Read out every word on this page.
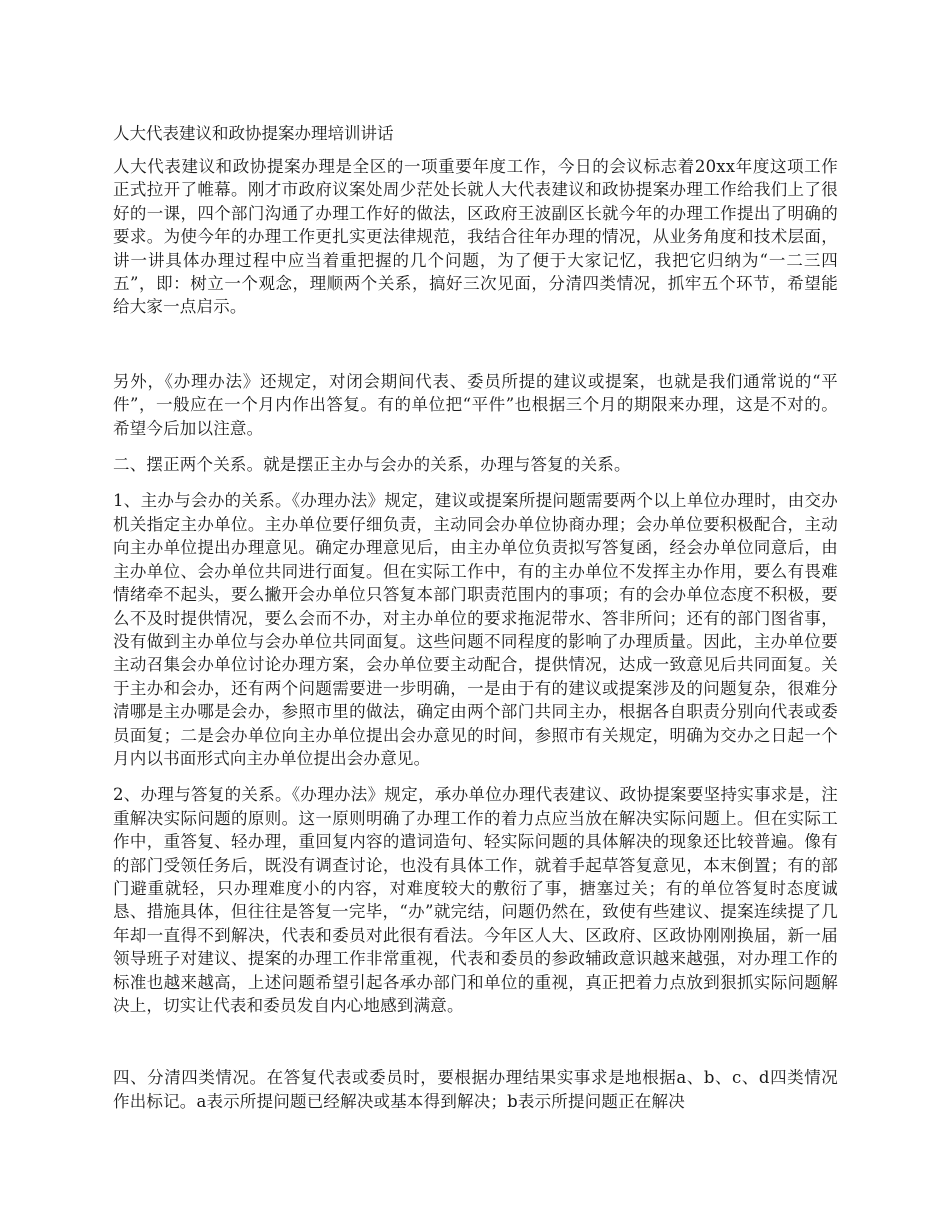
人大代表建议和政协提案办理培训讲话

人大代表建议和政协提案办理是全区的一项重要年度工作，今日的会议标志着20xx年度这项工作正式拉开了帷幕。刚才市政府议案处周少茫处长就人大代表建议和政协提案办理工作给我们上了很好的一课，四个部门沟通了办理工作好的做法，区政府王波副区长就今年的办理工作提出了明确的要求。为使今年的办理工作更扎实更法律规范，我结合往年办理的情况，从业务角度和技术层面，讲一讲具体办理过程中应当着重把握的几个问题，为了便于大家记忆，我把它归纳为“一二三四五”，即：树立一个观念，理顺两个关系，搞好三次见面，分清四类情况，抓牢五个环节，希望能给大家一点启示。

另外，《办理办法》还规定，对闭会期间代表、委员所提的建议或提案，也就是我们通常说的“平件”，一般应在一个月内作出答复。有的单位把“平件”也根据三个月的期限来办理，这是不对的。希望今后加以注意。

二、摆正两个关系。就是摆正主办与会办的关系，办理与答复的关系。

1、主办与会办的关系。《办理办法》规定，建议或提案所提问题需要两个以上单位办理时，由交办机关指定主办单位。主办单位要仔细负责，主动同会办单位协商办理；会办单位要积极配合，主动向主办单位提出办理意见。确定办理意见后，由主办单位负责拟写答复函，经会办单位同意后，由主办单位、会办单位共同进行面复。但在实际工作中，有的主办单位不发挥主办作用，要么有畏难情绪牵不起头，要么撇开会办单位只答复本部门职责范围内的事项；有的会办单位态度不积极，要么不及时提供情况，要么会而不办，对主办单位的要求拖泥带水、答非所问；还有的部门图省事，没有做到主办单位与会办单位共同面复。这些问题不同程度的影响了办理质量。因此，主办单位要主动召集会办单位讨论办理方案，会办单位要主动配合，提供情况，达成一致意见后共同面复。关于主办和会办，还有两个问题需要进一步明确，一是由于有的建议或提案涉及的问题复杂，很难分清哪是主办哪是会办，参照市里的做法，确定由两个部门共同主办，根据各自职责分别向代表或委员面复；二是会办单位向主办单位提出会办意见的时间，参照市有关规定，明确为交办之日起一个月内以书面形式向主办单位提出会办意见。

2、办理与答复的关系。《办理办法》规定，承办单位办理代表建议、政协提案要坚持实事求是，注重解决实际问题的原则。这一原则明确了办理工作的着力点应当放在解决实际问题上。但在实际工作中，重答复、轻办理，重回复内容的遣词造句、轻实际问题的具体解决的现象还比较普遍。像有的部门受领任务后，既没有调查讨论，也没有具体工作，就着手起草答复意见，本末倒置；有的部门避重就轻，只办理难度小的内容，对难度较大的敷衍了事，搪塞过关；有的单位答复时态度诚恳、措施具体，但往往是答复一完毕，“办”就完结，问题仍然在，致使有些建议、提案连续提了几年却一直得不到解决，代表和委员对此很有看法。今年区人大、区政府、区政协刚刚换届，新一届领导班子对建议、提案的办理工作非常重视，代表和委员的参政辅政意识越来越强，对办理工作的标准也越来越高，上述问题希望引起各承办部门和单位的重视，真正把着力点放到狠抓实际问题解决上，切实让代表和委员发自内心地感到满意。

四、分清四类情况。在答复代表或委员时，要根据办理结果实事求是地根据a、b、c、d四类情况作出标记。a表示所提问题已经解决或基本得到解决；b表示所提问题正在解决
